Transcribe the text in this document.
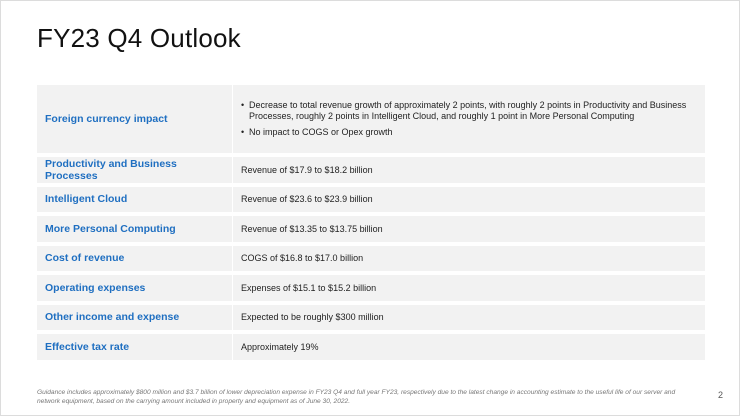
FY23 Q4 Outlook
Foreign currency impact
• Decrease to total revenue growth of approximately 2 points, with roughly 2 points in Productivity and Business Processes, roughly 2 points in Intelligent Cloud, and roughly 1 point in More Personal Computing
• No impact to COGS or Opex growth
Productivity and Business Processes	Revenue of $17.9 to $18.2 billion
Intelligent Cloud	Revenue of $23.6 to $23.9 billion
More Personal Computing	Revenue of $13.35 to $13.75 billion
Cost of revenue	COGS of $16.8 to $17.0 billion
Operating expenses	Expenses of $15.1 to $15.2 billion
Other income and expense	Expected to be roughly $300 million
Effective tax rate	Approximately 19%

Guidance includes approximately $800 million and $3.7 billion of lower depreciation expense in FY23 Q4 and full year FY23, respectively due to the latest change in accounting estimate to the useful life of our server and network equipment, based on the carrying amount included in property and equipment as of June 30, 2022.

2
